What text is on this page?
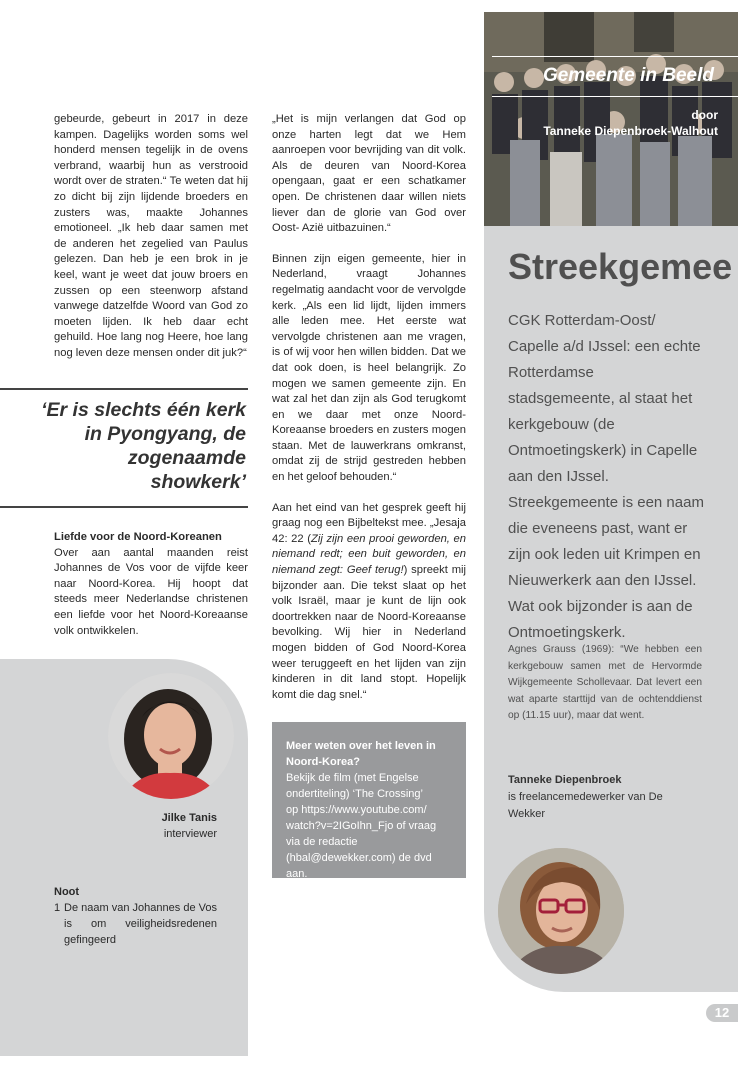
gebeurde, gebeurt in 2017 in deze kampen. Dagelijks worden soms wel honderd mensen tegelijk in de ovens verbrand, waarbij hun as verstrooid wordt over de straten.“ Te weten dat hij zo dicht bij zijn lijdende broeders en zusters was, maakte Johannes emotioneel. „Ik heb daar samen met de anderen het zegelied van Paulus gelezen. Dan heb je een brok in je keel, want je weet dat jouw broers en zussen op een steenworp afstand vanwege datzelfde Woord van God zo moeten lijden. Ik heb daar echt gehuild. Hoe lang nog Heere, hoe lang nog leven deze mensen onder dit juk?“

‘Er is slechts één kerk in Pyongyang, de zogenaamde showkerk’
Liefde voor de Noord-Koreanen
Over aan aantal maanden reist Johannes de Vos voor de vijfde keer naar Noord-Korea. Hij hoopt dat steeds meer Nederlandse christenen een liefde voor het Noord-Koreaanse volk ontwikkelen.
Jilke Tanis
interviewer
Noot
1 De naam van Johannes de Vos is om veiligheidsredenen gefingeerd

„Het is mijn verlangen dat God op onze harten legt dat we Hem aanroepen voor bevrijding van dit volk. Als de deuren van Noord-Korea opengaan, gaat er een schatkamer open. De christenen daar willen niets liever dan de glorie van God over Oost- Azië uitbazuinen.“

Binnen zijn eigen gemeente, hier in Nederland, vraagt Johannes regelmatig aandacht voor de vervolgde kerk. „Als een lid lijdt, lijden immers alle leden mee. Het eerste wat vervolgde christenen aan me vragen, is of wij voor hen willen bidden. Dat we dat ook doen, is heel belangrijk. Zo mogen we samen gemeente zijn. En wat zal het dan zijn als God terugkomt en we daar met onze Noord-Koreaanse broeders en zusters mogen staan. Met de lauwerkrans omkranst, omdat zij de strijd gestreden hebben en het geloof behouden.“

Aan het eind van het gesprek geeft hij graag nog een Bijbeltekst mee. „Jesaja 42: 22 (Zij zijn een prooi geworden, en niemand redt; een buit geworden, en niemand zegt: Geef terug!) spreekt mij bijzonder aan. Die tekst slaat op het volk Israël, maar je kunt de lijn ook doortrekken naar de Noord-Koreaanse bevolking. Wij hier in Nederland mogen bidden of God Noord-Korea weer teruggeeft en het lijden van zijn kinderen in dit land stopt. Hopelijk komt die dag snel.“

Meer weten over het leven in Noord-Korea?
Bekijk de film (met Engelse ondertiteling) ‘The Crossing’
op https://www.youtube.com/ watch?v=2IGoIhn_Fjo of vraag via de redactie (hbal@dewekker.com) de dvd aan.
Gemeente in Beeld
door
Tanneke Diepenbroek-Walhout
Streekgemee
CGK Rotterdam-Oost/ Capelle a/d IJssel: een echte Rotterdamse stadsgemeente, al staat het kerkgebouw (de Ontmoetingskerk) in Capelle aan den IJssel. Streekgemeente is een naam die eveneens past, want er zijn ook leden uit Krimpen en Nieuwerkerk aan den IJssel. Wat ook bijzonder is aan de Ontmoetingskerk.
Agnes Grauss (1969): “We hebben een kerkgebouw samen met de Hervormde Wijkgemeente Schollevaar. Dat levert een wat aparte starttijd van de ochtenddienst op (11.15 uur), maar dat went.
Tanneke Diepenbroek
is freelancemedewerker van De Wekker
12
